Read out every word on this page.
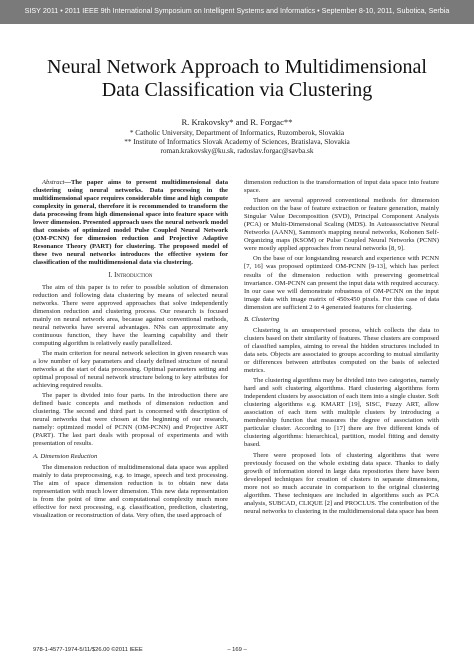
SISY 2011 • 2011 IEEE 9th International Symposium on Intelligent Systems and Informatics • September 8-10, 2011, Subotica, Serbia
Neural Network Approach to Multidimensional
Data Classification via Clustering
R. Krakovsky* and R. Forgac**
* Catholic University, Department of Informatics, Ruzomberok, Slovakia
** Institute of Informatics Slovak Academy of Sciences, Bratislava, Slovakia
roman.krakovsky@ku.sk, radoslav.forgac@savba.sk

Abstract—The paper aims to present multidimensional data clustering using neural networks. Data processing in the multidimensional space requires considerable time and high compute complexity in general, therefore it is recommended to transform the data processing from high dimensional space into feature space with lower dimension. Presented approach uses the neural network model that consists of optimized model Pulse Coupled Neural Network (OM-PCNN) for dimension reduction and Projective Adaptive Resonance Theory (PART) for clustering. The proposed model of these two neural networks introduces the effective system for classification of the multidimensional data via clustering.

I. Introduction

The aim of this paper is to refer to possible solution of dimension reduction and following data clustering by means of selected neural networks. There were approved approaches that solve independently dimension reduction and clustering process. Our research is focused mainly on neural network area, because against conventional methods, neural networks have several advantages. NNs can approximate any continuous function, they have the learning capability and their computing algorithm is relatively easily parallelized.

The main criterion for neural network selection in given research was a low number of key parameters and clearly defined structure of neural networks at the start of data processing. Optimal parameters setting and optimal proposal of neural network structure belong to key attributes for achieving required results.

The paper is divided into four parts. In the introduction there are defined basic concepts and methods of dimension reduction and clustering. The second and third part is concerned with description of neural networks that were chosen at the beginning of our research, namely: optimized model of PCNN (OM-PCNN) and Projective ART (PART). The last part deals with proposal of experiments and with presentation of results.

A. Dimension Reduction

The dimension reduction of multidimensional data space was applied mainly to data preprocessing, e.g. to image, speech and text processing. The aim of space dimension reduction is to obtain new data representation with much lower dimension. This new data representation is from the point of time and computational complexity much more effective for next processing, e.g. classification, prediction, clustering, visualization or reconstruction of data. Very often, the used approach of

dimension reduction is the transformation of input data space into feature space.

There are several approved conventional methods for dimension reduction on the base of feature extraction or feature generation, mainly Singular Value Decomposition (SVD), Principal Component Analysis (PCA) or Multi-Dimensional Scaling (MDS). In Autoassociative Neural Networks (AANN), Sammon's mapping neural networks, Kohonen Self-Organizing maps (KSOM) or Pulse Coupled Neural Networks (PCNN) were mostly applied approaches from neural networks [8, 9].

On the base of our longstanding research and experience with PCNN [7, 16] was proposed optimized OM-PCNN [9-13], which has perfect results of the dimension reduction with preserving geometrical invariance. OM-PCNN can present the input data with required accuracy. In our case we will demonstrate robustness of OM-PCNN on the input image data with image matrix of 450x450 pixels. For this case of data dimension are sufficient 2 to 4 generated features for clustering.

B. Clustering

Clustering is an unsupervised process, which collects the data to clusters based on their similarity of features. These clusters are composed of classified samples, aiming to reveal the hidden structures included in data sets. Objects are associated to groups according to mutual similarity or differences between attributes computed on the basis of selected metrics.

The clustering algorithms may be divided into two categories, namely hard and soft clustering algorithms. Hard clustering algorithms form independent clusters by association of each item into a single cluster. Soft clustering algorithms e.g. KMART [19], SISC, Fuzzy ART, allow association of each item with multiple clusters by introducing a membership function that measures the degree of association with particular cluster. According to [17] there are five different kinds of clustering algorithms: hierarchical, partition, model fitting and density based.

There were proposed lots of clustering algorithms that were previously focused on the whole existing data space. Thanks to daily growth of information stored in large data repositories there have been developed techniques for creation of clusters in separate dimensions, more not so much accurate in comparison to the original clustering algorithm. These techniques are included in algorithms such as PCA analysis, SUBCAD, CLIQUE [2] and PROCLUS. The contribution of the neural networks to clustering in the multidimensional data space has been

978-1-4577-1974-5/11/$26.00 ©2011 IEEE	– 169 –
